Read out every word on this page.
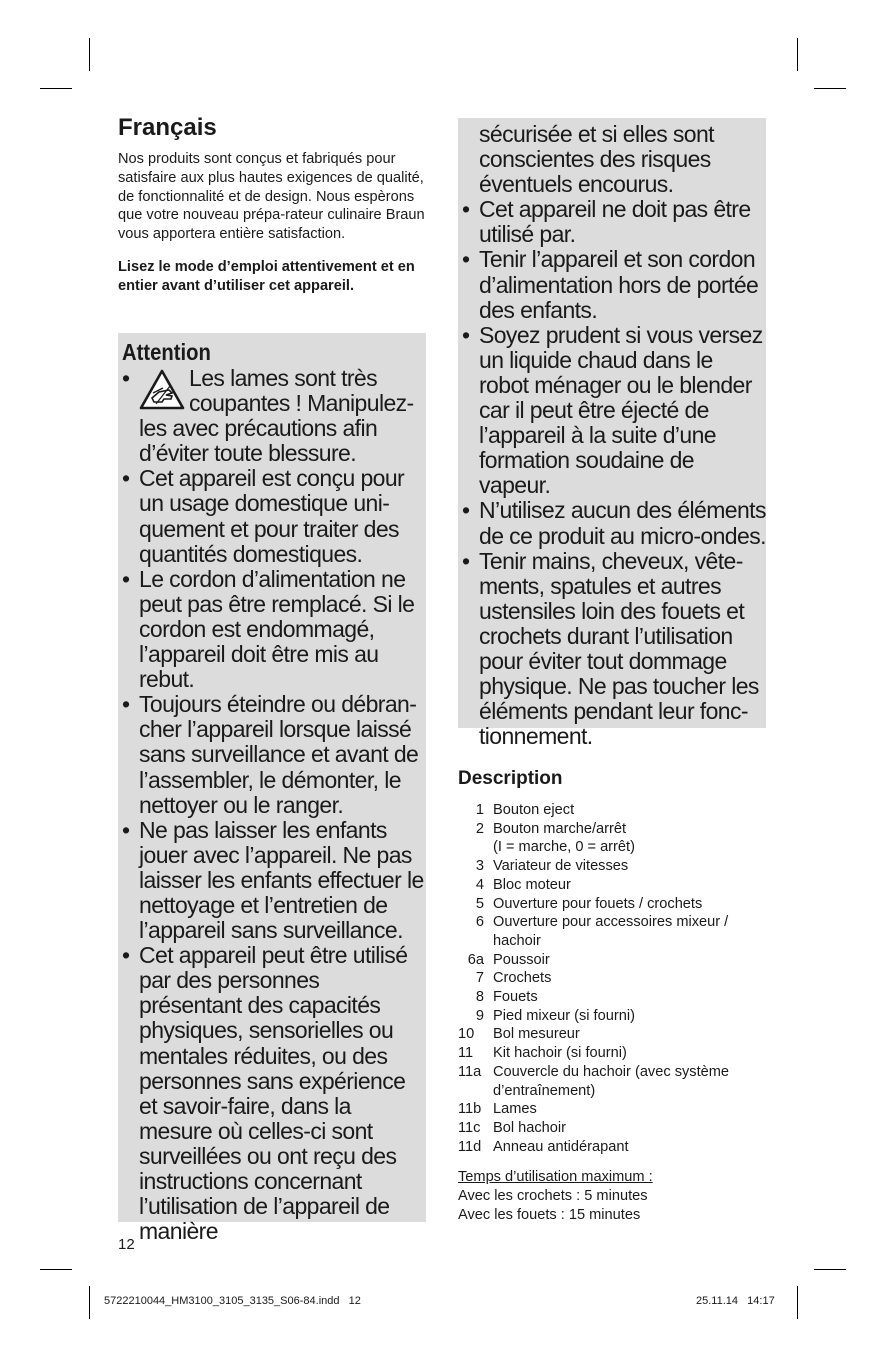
Français

Nos produits sont conçus et fabriqués pour satisfaire aux plus hautes exigences de qualité, de fonctionnalité et de design. Nous espèrons que votre nouveau prépa-rateur culinaire Braun vous apportera entière satisfaction.

Lisez le mode d’emploi attentivement et en entier avant d’utiliser cet appareil.

Attention
• Les lames sont très coupantes ! Manipulez-les avec précautions afin d’éviter toute blessure.
• Cet appareil est conçu pour un usage domestique uni-quement et pour traiter des quantités domestiques.
• Le cordon d’alimentation ne peut pas être remplacé. Si le cordon est endommagé, l’appareil doit être mis au rebut.
• Toujours éteindre ou débran-cher l’appareil lorsque laissé sans surveillance et avant de l’assembler, le démonter, le nettoyer ou le ranger.
• Ne pas laisser les enfants jouer avec l’appareil. Ne pas laisser les enfants effectuer le nettoyage et l’entretien de l’appareil sans surveillance.
• Cet appareil peut être utilisé par des personnes présentant des capacités physiques, sensorielles ou mentales réduites, ou des personnes sans expérience et savoir-faire, dans la mesure où celles-ci sont surveillées ou ont reçu des instructions concernant l’utilisation de l’appareil de manière
sécurisée et si elles sont conscientes des risques éventuels encourus.
• Cet appareil ne doit pas être utilisé par.
• Tenir l’appareil et son cordon d’alimentation hors de portée des enfants.
• Soyez prudent si vous versez un liquide chaud dans le robot ménager ou le blender car il peut être éjecté de l’appareil à la suite d’une formation soudaine de vapeur.
• N’utilisez aucun des éléments de ce produit au micro-ondes.
• Tenir mains, cheveux, vête-ments, spatules et autres ustensiles loin des fouets et crochets durant l’utilisation pour éviter tout dommage physique. Ne pas toucher les éléments pendant leur fonc-tionnement.
Description
1 Bouton eject
2 Bouton marche/arrêt
(I = marche, 0 = arrêt)
3 Variateur de vitesses
4 Bloc moteur
5 Ouverture pour fouets / crochets
6 Ouverture pour accessoires mixeur /
hachoir
6a Poussoir
7 Crochets
8 Fouets
9 Pied mixeur (si fourni)
10	Bol mesureur
11	Kit hachoir (si fourni)
11a Couvercle du hachoir (avec système
d’entraînement)
11b Lames
11c Bol hachoir
11d Anneau antidérapant
Temps d’utilisation maximum :
Avec les crochets : 5 minutes
Avec les fouets : 15 minutes
12
5722210044_HM3100_3105_3135_S06-84.indd   12	25.11.14   14:17
